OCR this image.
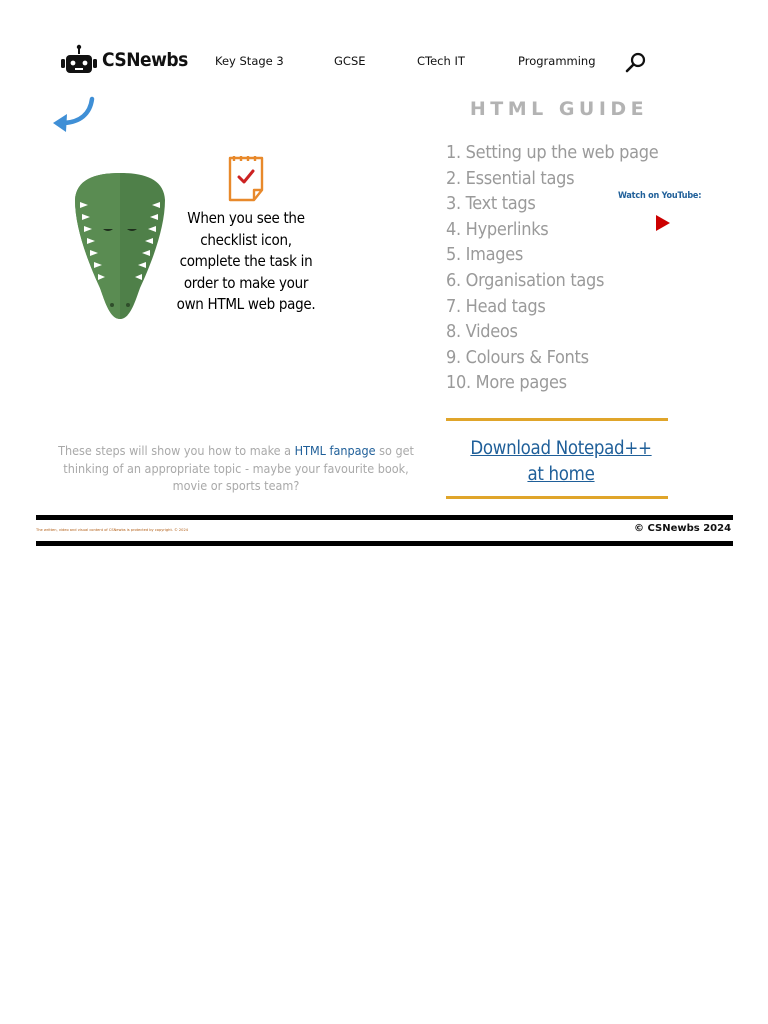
CSNewbs Key Stage 3	GCSE	CTech IT	Programming
When you see the checklist icon, complete the task in order to make your own HTML web page.
These steps will show you how to make a HTML fanpage so get thinking of an appropriate topic - maybe your favourite book, movie or sports team?
HTML GUIDE
1. Setting up the web page
2. Essential tags
3. Text tags
4. Hyperlinks
5. Images
6. Organisation tags
7. Head tags
8. Videos
9. Colours & Fonts
10. More pages
Watch on YouTube:
Download Notepad++
at home
The written, video and visual content of CSNewbs is protected by copyright. © 2024	© CSNewbs 2024
